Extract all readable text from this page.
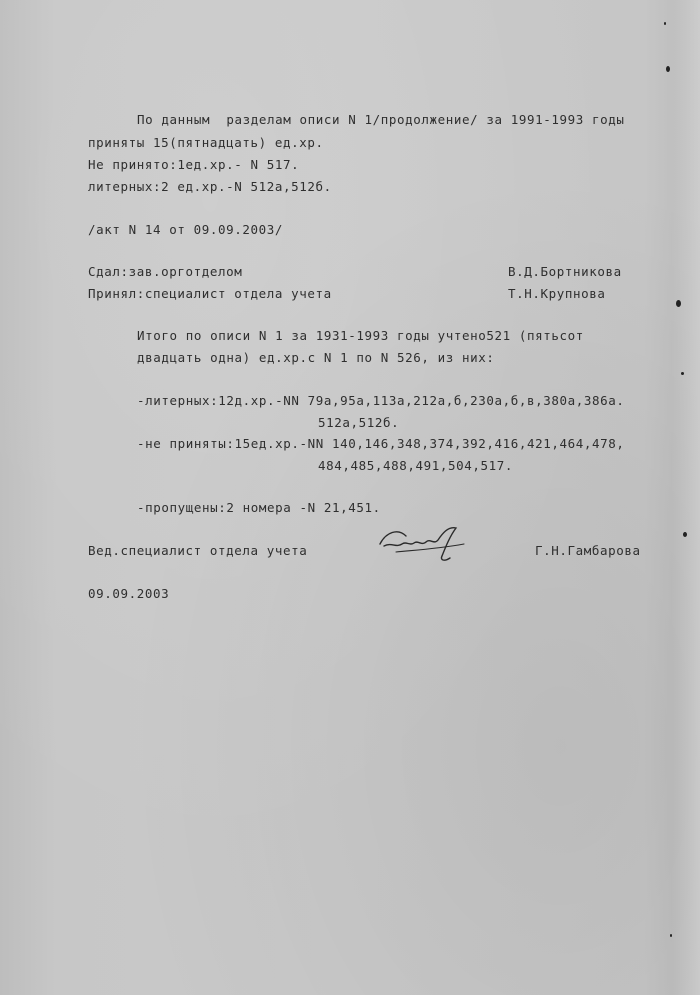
По данным  разделам описи N 1/продолжение/ за 1991-1993 годы
приняты 15(пятнадцать) ед.хр.
Не принято:1ед.хр.- N 517.
литерных:2 ед.хр.-N 512а,512б.
/акт N 14 от 09.09.2003/
Сдал:зав.оргoтделом	В.Д.Бортникова
Принял:специалист отдела учета	Т.Н.Крупнова
Итого по описи N 1 за 1931-1993 годы учтено521 (пятьсот
двадцать одна) ед.хр.с N 1 по N 526, из них:
-литерных:12д.хр.-NN 79а,95а,113а,212а,б,230а,б,в,380а,386а.
512а,512б.
-не приняты:15ед.хр.-NN 140,146,348,374,392,416,421,464,478,
484,485,488,491,504,517.
-пропущены:2 номера -N 21,451.
Вед.специалист отдела учета	Г.Н.Гамбарова
09.09.2003
